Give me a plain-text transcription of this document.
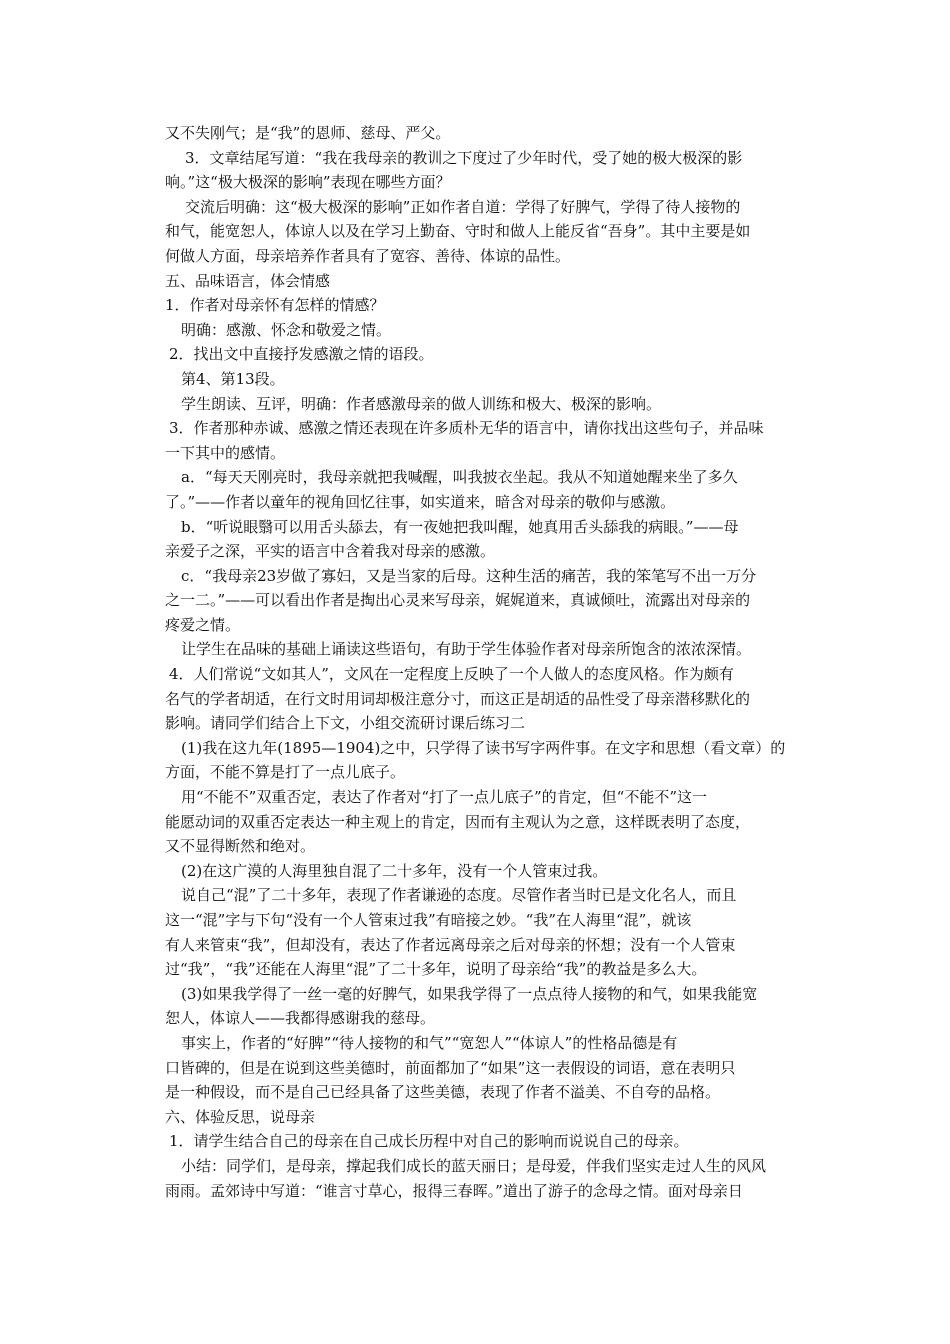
又不失刚气；是“我”的恩师、慈母、严父。
3．文章结尾写道：“我在我母亲的教训之下度过了少年时代，受了她的极大极深的影
响。”这“极大极深的影响”表现在哪些方面？
交流后明确：这“极大极深的影响”正如作者自道：学得了好脾气，学得了待人接物的
和气，能宽恕人，体谅人以及在学习上勤奋、守时和做人上能反省“吾身”。其中主要是如
何做人方面，母亲培养作者具有了宽容、善待、体谅的品性。
五、品味语言，体会情感
1．作者对母亲怀有怎样的情感？
明确：感激、怀念和敬爱之情。
2．找出文中直接抒发感激之情的语段。
第4、第13段。
学生朗读、互评，明确：作者感激母亲的做人训练和极大、极深的影响。
3．作者那种赤诚、感激之情还表现在许多质朴无华的语言中，请你找出这些句子，并品味
一下其中的感情。
a．“每天天刚亮时，我母亲就把我喊醒，叫我披衣坐起。我从不知道她醒来坐了多久
了。”——作者以童年的视角回忆往事，如实道来，暗含对母亲的敬仰与感激。
b．“听说眼翳可以用舌头舔去，有一夜她把我叫醒，她真用舌头舔我的病眼。”——母
亲爱子之深，平实的语言中含着我对母亲的感激。
c．“我母亲23岁做了寡妇，又是当家的后母。这种生活的痛苦，我的笨笔写不出一万分
之一二。”——可以看出作者是掏出心灵来写母亲，娓娓道来，真诚倾吐，流露出对母亲的
疼爱之情。
让学生在品味的基础上诵读这些语句，有助于学生体验作者对母亲所饱含的浓浓深情。
4．人们常说“文如其人”，文风在一定程度上反映了一个人做人的态度风格。作为颇有
名气的学者胡适，在行文时用词却极注意分寸，而这正是胡适的品性受了母亲潜移默化的
影响。请同学们结合上下文，小组交流研讨课后练习二
(1)我在这九年(1895—1904)之中，只学得了读书写字两件事。在文字和思想（看文章）的
方面，不能不算是打了一点儿底子。
用“不能不”双重否定，表达了作者对“打了一点儿底子”的肯定，但“不能不”这一
能愿动词的双重否定表达一种主观上的肯定，因而有主观认为之意，这样既表明了态度，
又不显得断然和绝对。
(2)在这广漠的人海里独自混了二十多年，没有一个人管束过我。
说自己“混”了二十多年，表现了作者谦逊的态度。尽管作者当时已是文化名人，而且
这一“混”字与下句“没有一个人管束过我”有暗接之妙。“我”在人海里“混”，就该
有人来管束“我”，但却没有，表达了作者远离母亲之后对母亲的怀想；没有一个人管束
过“我”，“我”还能在人海里“混”了二十多年，说明了母亲给“我”的教益是多么大。
(3)如果我学得了一丝一毫的好脾气，如果我学得了一点点待人接物的和气，如果我能宽
恕人，体谅人——我都得感谢我的慈母。
事实上，作者的“好脾”“待人接物的和气”“宽恕人”“体谅人”的性格品德是有
口皆碑的，但是在说到这些美德时，前面都加了“如果”这一表假设的词语，意在表明只
是一种假设，而不是自己已经具备了这些美德，表现了作者不溢美、不自夸的品格。
六、体验反思，说母亲
1．请学生结合自己的母亲在自己成长历程中对自己的影响而说说自己的母亲。
小结：同学们，是母亲，撑起我们成长的蓝天丽日；是母爱，伴我们坚实走过人生的风风
雨雨。孟郊诗中写道：“谁言寸草心，报得三春晖。”道出了游子的念母之情。面对母亲日
